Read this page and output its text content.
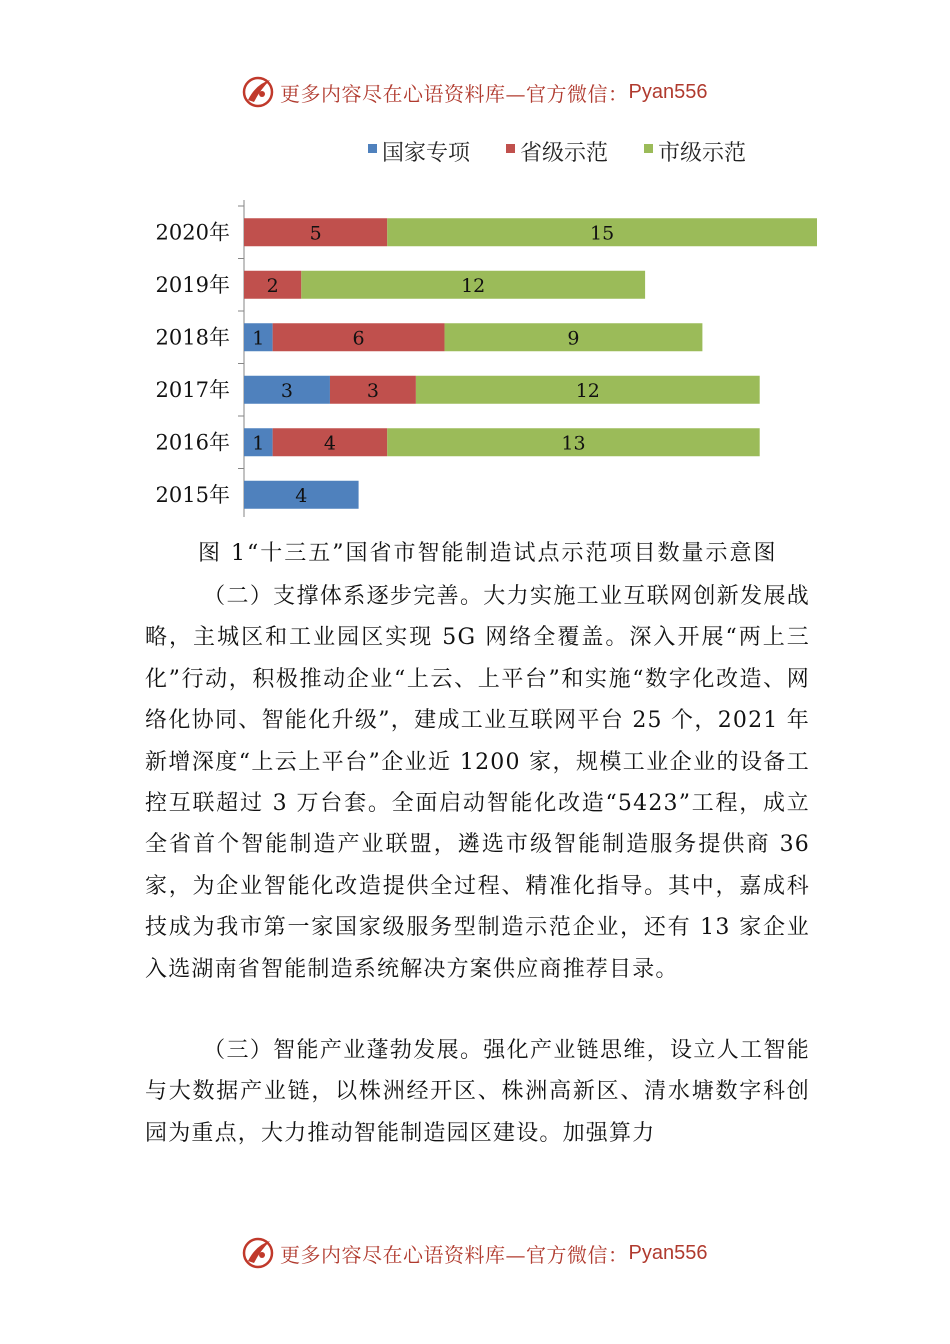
更多内容尽在心语资料库—官方微信： Pyan556
国家专项 省级示范 市级示范
2020年	5	15
2019年 2	12
2018年 1	6	9
2017年	3	3	12
2016年 1	4	13
2015年	4
图 1“十三五”国省市智能制造试点示范项目数量示意图
（二）支撑体系逐步完善。大力实施工业互联网创新发展战略，主城区和工业园区实现 5G 网络全覆盖。深入开展“两上三化”行动，积极推动企业“上云、上平台”和实施“数字化改造、网络化协同、智能化升级”，建成工业互联网平台 25 个，2021 年新增深度“上云上平台”企业近 1200 家，规模工业企业的设备工控互联超过 3 万台套。全面启动智能化改造“5423”工程，成立全省首个智能制造产业联盟，遴选市级智能制造服务提供商 36 家，为企业智能化改造提供全过程、精准化指导。其中，嘉成科技成为我市第一家国家级服务型制造示范企业，还有 13 家企业入选湖南省智能制造系统解决方案供应商推荐目录。
（三）智能产业蓬勃发展。强化产业链思维，设立人工智能与大数据产业链，以株洲经开区、株洲高新区、清水塘数字科创园为重点，大力推动智能制造园区建设。加强算力
更多内容尽在心语资料库—官方微信： Pyan556
